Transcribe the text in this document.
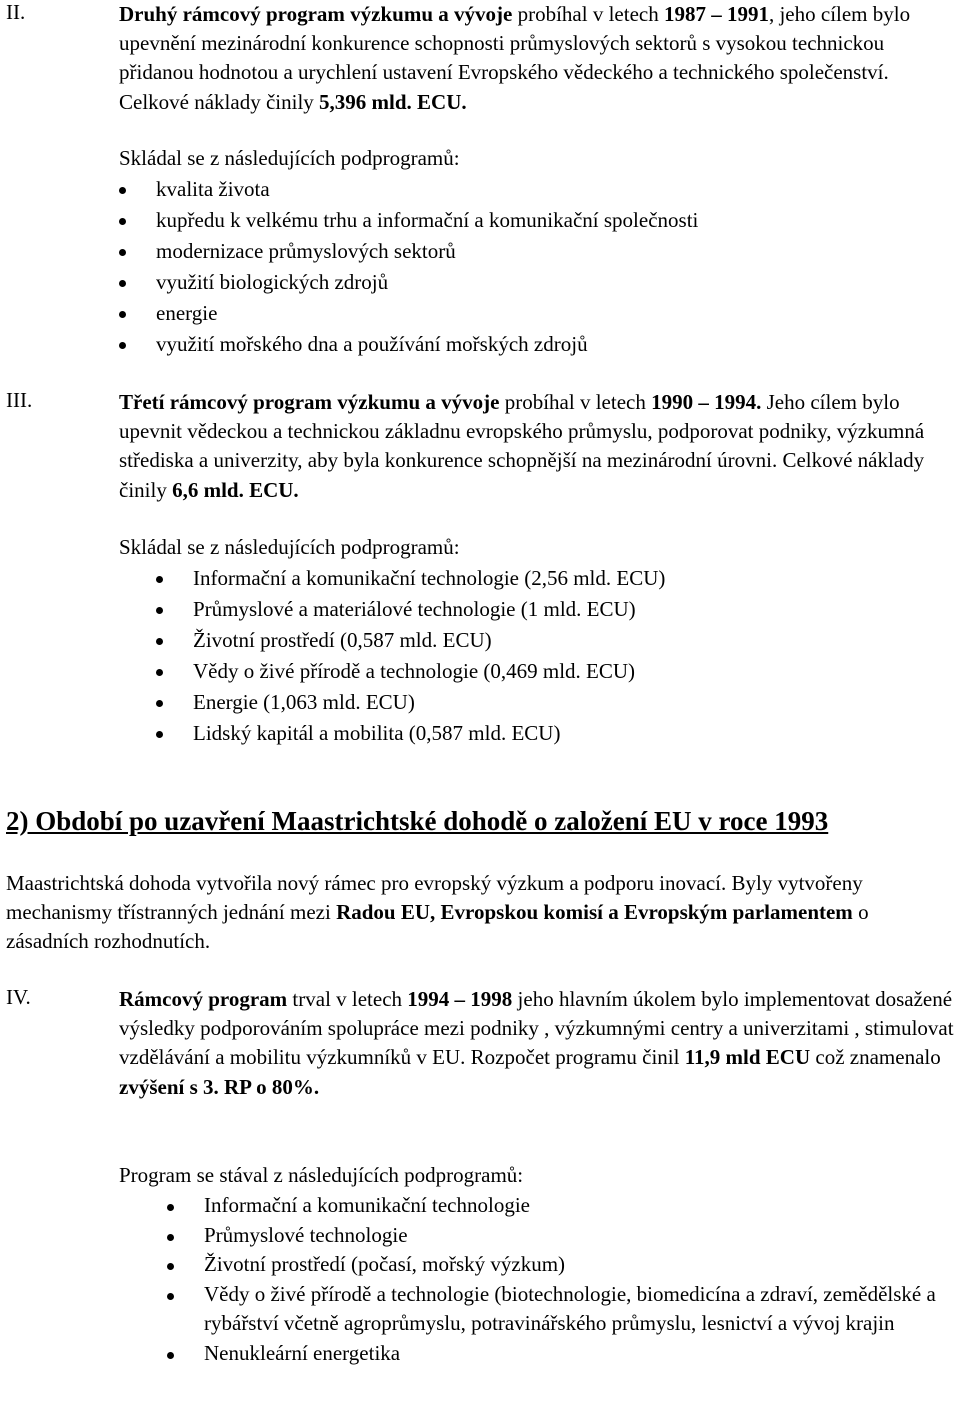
II.	Druhý rámcový program výzkumu a vývoje probíhal v letech 1987 – 1991, jeho cílem bylo upevnění mezinárodní konkurence schopnosti průmyslových sektorů s vysokou technickou přidanou hodnotou a urychlení ustavení Evropského vědeckého a technického společenství. Celkové náklady činily 5,396 mld. ECU.

Skládal se z následujících podprogramů:

kvalita života
kupředu k velkému trhu a informační a komunikační společnosti
modernizace průmyslových sektorů
využití biologických zdrojů
energie
využití mořského dna a používání mořských zdrojů
III.	Třetí rámcový program výzkumu a vývoje probíhal v letech 1990 – 1994. Jeho cílem bylo upevnit vědeckou a technickou základnu evropského průmyslu, podporovat podniky, výzkumná střediska a univerzity, aby byla konkurence schopnější na mezinárodní úrovni. Celkové náklady činily 6,6 mld. ECU.

Skládal se z následujících podprogramů:

Informační a komunikační technologie (2,56 mld. ECU)
Průmyslové a materiálové technologie (1 mld. ECU)
Životní prostředí (0,587 mld. ECU)
Vědy o živé přírodě a technologie (0,469 mld. ECU)
Energie (1,063 mld. ECU)
Lidský kapitál a mobilita (0,587 mld. ECU)
2) Období po uzavření Maastrichtské dohodě o založení EU v roce 1993

Maastrichtská dohoda vytvořila nový rámec pro evropský výzkum a podporu inovací. Byly vytvořeny mechanismy třístranných jednání mezi Radou EU, Evropskou komisí a Evropským parlamentem o zásadních rozhodnutích.

IV.	Rámcový program trval v letech 1994 – 1998 jeho hlavním úkolem bylo implementovat dosažené výsledky podporováním spolupráce mezi podniky , výzkumnými centry a univerzitami , stimulovat vzdělávání a mobilitu výzkumníků v EU. Rozpočet programu činil 11,9 mld ECU což znamenalo zvýšení s 3. RP o 80%.

Program se stával z následujících podprogramů:

Informační a komunikační technologie
Průmyslové technologie
Životní prostředí (počasí, mořský výzkum)
Vědy o živé přírodě a technologie (biotechnologie, biomedicína a zdraví, zemědělské a rybářství včetně agroprůmyslu, potravinářského průmyslu, lesnictví a vývoj krajin
Nenukleární energetika
